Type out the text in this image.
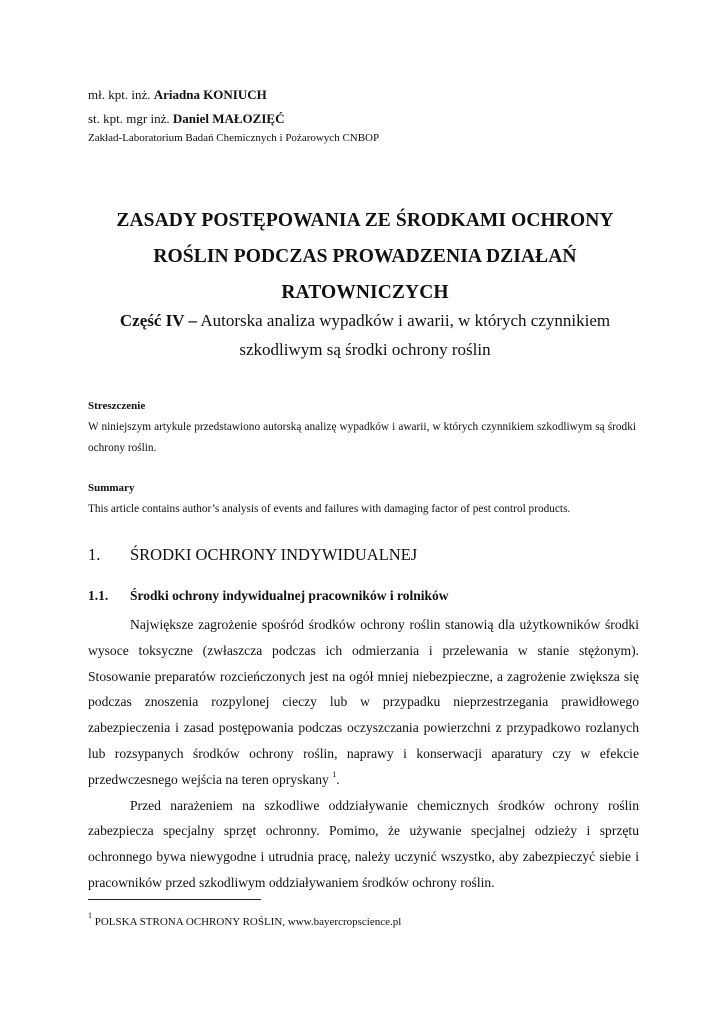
mł. kpt. inż. Ariadna KONIUCH
st. kpt. mgr inż. Daniel MAŁOZIĘĆ
Zakład-Laboratorium Badań Chemicznych i Pożarowych CNBOP
ZASADY POSTĘPOWANIA ZE ŚRODKAMI OCHRONY
ROŚLIN PODCZAS PROWADZENIA DZIAŁAŃ
RATOWNICZYCH
Część IV – Autorska analiza wypadków i awarii, w których czynnikiem
szkodliwym są środki ochrony roślin
Streszczenie
W niniejszym artykule przedstawiono autorską analizę wypadków i awarii, w których czynnikiem szkodliwym są środki ochrony roślin.
Summary
This article contains author’s analysis of events and failures with damaging factor of pest control products.
1. ŚRODKI OCHRONY INDYWIDUALNEJ
1.1. Środki ochrony indywidualnej pracowników i rolników

Największe zagrożenie spośród środków ochrony roślin stanowią dla użytkowników środki wysoce toksyczne (zwłaszcza podczas ich odmierzania i przelewania w stanie stężonym). Stosowanie preparatów rozcieńczonych jest na ogół mniej niebezpieczne, a zagrożenie zwiększa się podczas znoszenia rozpylonej cieczy lub w przypadku nieprzestrzegania prawidłowego zabezpieczenia i zasad postępowania podczas oczyszczania powierzchni z przypadkowo rozlanych lub rozsypanych środków ochrony roślin, naprawy i konserwacji aparatury czy w efekcie przedwczesnego wejścia na teren opryskany $^1$.

Przed narażeniem na szkodliwe oddziaływanie chemicznych środków ochrony roślin zabezpiecza specjalny sprzęt ochronny. Pomimo, że używanie specjalnej odzieży i sprzętu ochronnego bywa niewygodne i utrudnia pracę, należy uczynić wszystko, aby zabezpieczyć siebie i pracowników przed szkodliwym oddziaływaniem środków ochrony roślin.

$^1$ POLSKA STRONA OCHRONY ROŚLIN, www.bayercropscience.pl
